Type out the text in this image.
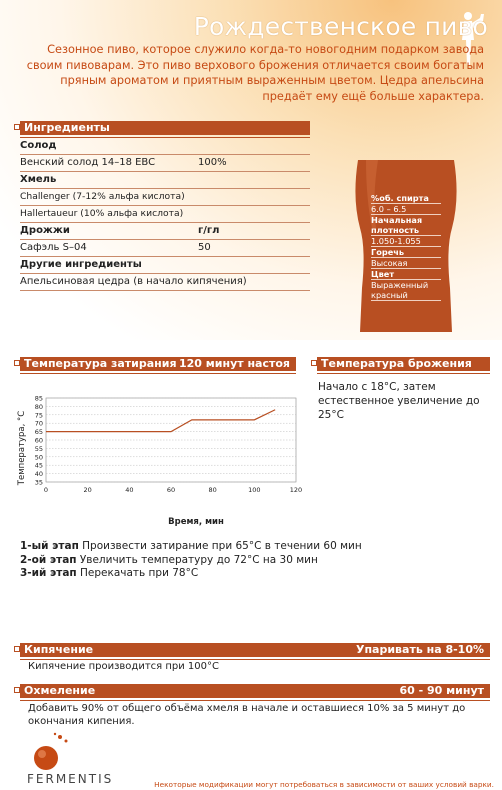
Рождественское пиво
Сезонное пиво, которое служило когда-то новогодним подарком завода своим пивоварам. Это пиво верхового брожения отличается своим богатым пряным ароматом и приятным выраженным цветом. Цедра апельсина предаёт ему ещё больше характера.
Ингредиенты
Солод
Венский солод 14–18 EBC	100%
Хмель
Challenger (7-12% альфа кислота)
Hallertaueur (10% альфа кислота)
Дрожжи	г/гл
Сафэль S–04	50
Другие ингредиенты
Апельсиновая цедра (в начало кипячения)
%об. спирта
6.0 – 6.5
Начальная плотность
1.050-1.055
Горечь
Высокая
Цвет
Выраженный красный
Температура затирания 120 минут настоя	Температура брожения
Начало с 18°C, затем естественное увеличение до 25°C
35
40
45
50
55
60
65
70
75
80
85
0	20	40	60	80	100	120
Температура, °C
Время, мин
1-ый этап Произвести затирание при 65°C в течении 60 мин
2-ой этап Увеличить температуру до 72°C на 30 мин
3-ий этап Перекачать при 78°C
Кипячение	Упаривать на 8-10%
Кипячение производится при 100°C
Охмеление	60 - 90 минут
Добавить 90% от общего объёма хмеля в начале и оставшиеся 10% за 5 минут до окончания кипения.
FERMENTIS	Некоторые модификации могут потребоваться в зависимости от ваших условий варки.
